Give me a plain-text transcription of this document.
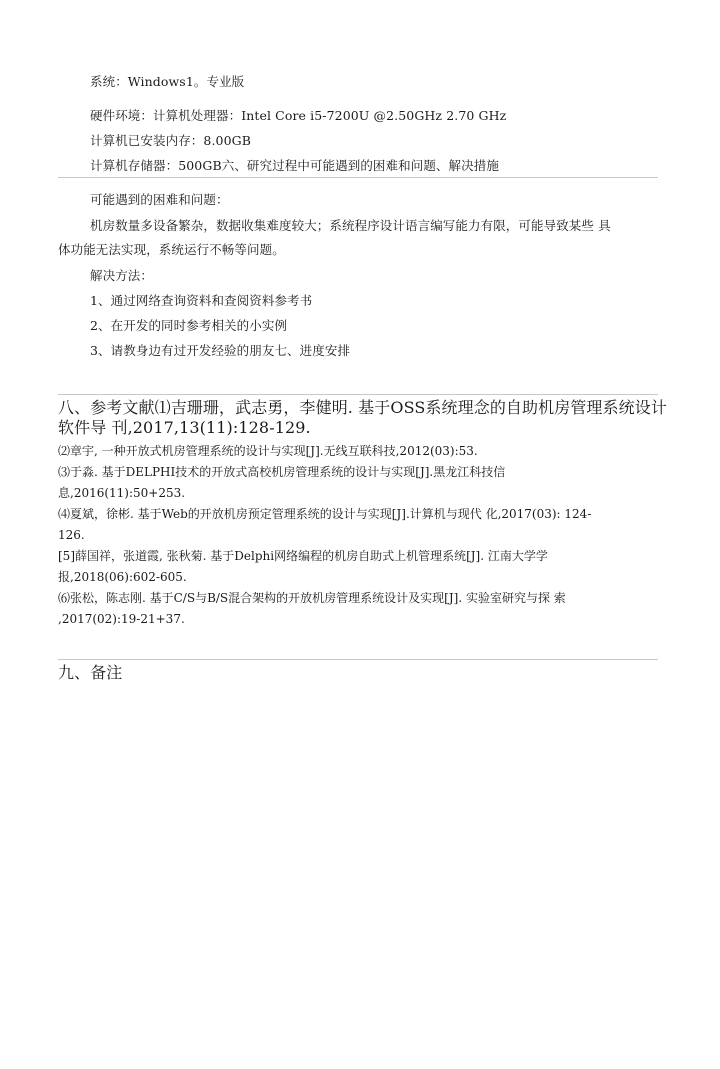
系统：Windows1。专业版
硬件环境：计算机处理器：Intel Core i5-7200U @2.50GHz 2.70 GHz
计算机已安装内存：8.00GB
计算机存储器：500GB六、研究过程中可能遇到的困难和问题、解决措施
可能遇到的困难和问题：
机房数量多设备繁杂，数据收集难度较大；系统程序设计语言编写能力有限，可能导致某些 具
体功能无法实现，系统运行不畅等问题。
解决方法：
1、通过网络查询资料和查阅资料参考书
2、在开发的同时参考相关的小实例
3、请教身边有过开发经验的朋友七、进度安排
八、参考文献⑴吉珊珊，武志勇，李健明. 基于OSS系统理念的自助机房管理系统设计
软件导 刊,2017,13(11):128-129.
⑵章宇, 一种开放式机房管理系统的设计与实现[J].无线互联科技,2012(03):53.
⑶于淼. 基于DELPHI技术的开放式高校机房管理系统的设计与实现[J].黑龙江科技信
息,2016(11):50+253.
⑷夏斌，徐彬. 基于Web的开放机房预定管理系统的设计与实现[J].计算机与现代 化,2017(03): 124-
126.
[5]薛国祥，张道霞, 张秋菊. 基于Delphi网络编程的机房自助式上机管理系统[J]. 江南大学学
报,2018(06):602-605.
⑹张松，陈志刚. 基于C/S与B/S混合架构的开放机房管理系统设计及实现[J]. 实验室研究与探 索
,2017(02):19-21+37.
九、备注
